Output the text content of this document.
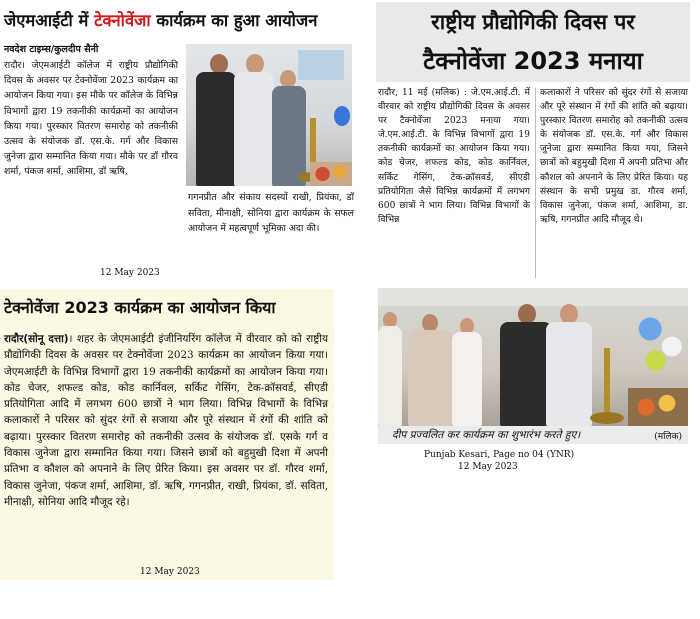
जेएमआईटी में टेक्नोवेंजा कार्यक्रम का हुआ आयोजन
नवदेश टाइम्स/कुलदीप सैनी

रादौर। जेएमआईटी कॉलेज में राष्ट्रीय प्रौद्योगिकी दिवस के अवसर पर टेक्नोवेंजा 2023 कार्यक्रम का आयोजन किया गया। इस मौके पर कॉलेज के विभिन्न विभागों द्वारा 19 तकनीकी कार्यक्रमों का आयोजन किया गया। पुरस्कार वितरण समारोह को तकनीकी उत्सव के संयोजक डॉ. एस.के. गर्ग और विकास जुनेजा द्वारा सम्मानित किया गया। मौके पर डॉ गौरव शर्मा, पंकज शर्मा, आशिमा, डॉ ऋषि,

गगनप्रीत और संकाय सदस्यों राखी, प्रियंका, डॉ सविता, मीनाक्षी, सोनिया द्वारा कार्यक्रम के सफल आयोजन में महत्वपूर्ण भूमिका अदा की।

12 May 2023
राष्ट्रीय प्रौद्योगिकी दिवस पर
टैक्नोवेंजा 2023 मनाया

रादौर, 11 मई (मलिक) : जे.एम.आई.टी. में वीरवार को राष्ट्रीय प्रौद्योगिकी दिवस के अवसर पर टैक्नोवेंजा 2023 मनाया गया। जे.एम.आई.टी. के विभिन्न विभागों द्वारा 19 तकनीकी कार्यक्रमों का आयोजन किया गया। कोड चेजर, शफल्ड कोड, कोड कार्निवल, सर्किट गेसिंग, टेक-क्रॉसवर्ड, सीएडी प्रतियोगिता जैसे विभिन्न कार्यक्रमों में लगभग 600 छात्रों ने भाग लिया। विभिन्न विभागों के विभिन्न

कलाकारों ने परिसर को सुंदर रंगों से सजाया और पूरे संस्थान में रंगों की शांति को बढ़ाया। पुरस्कार वितरण समारोह को तकनीकी उत्सव के संयोजक डॉ. एस.के. गर्ग और विकास जुनेजा द्वारा सम्मानित किया गया, जिसने छात्रों को बहुमुखी दिशा में अपनी प्रतिभा और कौशल को अपनाने के लिए प्रेरित किया। यह संस्थान के सभी प्रमुख डा. गौरव शर्मा, विकास जुनेजा, पंकज शर्मा, आशिमा, डा. ऋषि, गगनप्रीत आदि मौजूद थे।

दीप प्रज्वलित कर कार्यक्रम का शुभारंभ करते हुए।	(मलिक)
Punjab Kesari, Page no 04 (YNR)
12 May 2023
टेक्नोवेंजा 2023 कार्यक्रम का आयोजन किया

रादौर(सोनू दत्ता)। शहर के जेएमआईटी इंजीनियरिंग कॉलेज में वीरवार को को राष्ट्रीय प्रौद्योगिकी दिवस के अवसर पर टेक्नोवेंजा 2023 कार्यक्रम का आयोजन किया गया। जेएमआईटी के विभिन्न विभागों द्वारा 19 तकनीकी कार्यक्रमों का आयोजन किया गया। कोड चेजर, शफल्ड कोड, कोड कार्निवल, सर्किट गेसिंग, टेक-क्रॉसवर्ड, सीएडी प्रतियोगिता आदि में लगभग 600 छात्रों ने भाग लिया। विभिन्न विभागों के विभिन्न कलाकारों ने परिसर को सुंदर रंगों से सजाया और पूरे संस्थान में रंगों की शांति को बढ़ाया। पुरस्कार वितरण समारोह को तकनीकी उत्सव के संयोजक डॉ. एसके गर्ग व विकास जुनेजा द्वारा सम्मानित किया गया। जिसने छात्रों को बहुमुखी दिशा में अपनी प्रतिभा व कौशल को अपनाने के लिए प्रेरित किया। इस अवसर पर डॉ. गौरव शर्मा, विकास जुनेजा, पंकज शर्मा, आशिमा, डॉ. ऋषि, गगनप्रीत, राखी, प्रियंका, डॉ. सविता, मीनाक्षी, सोनिया आदि मौजूद रहे।

12 May 2023
